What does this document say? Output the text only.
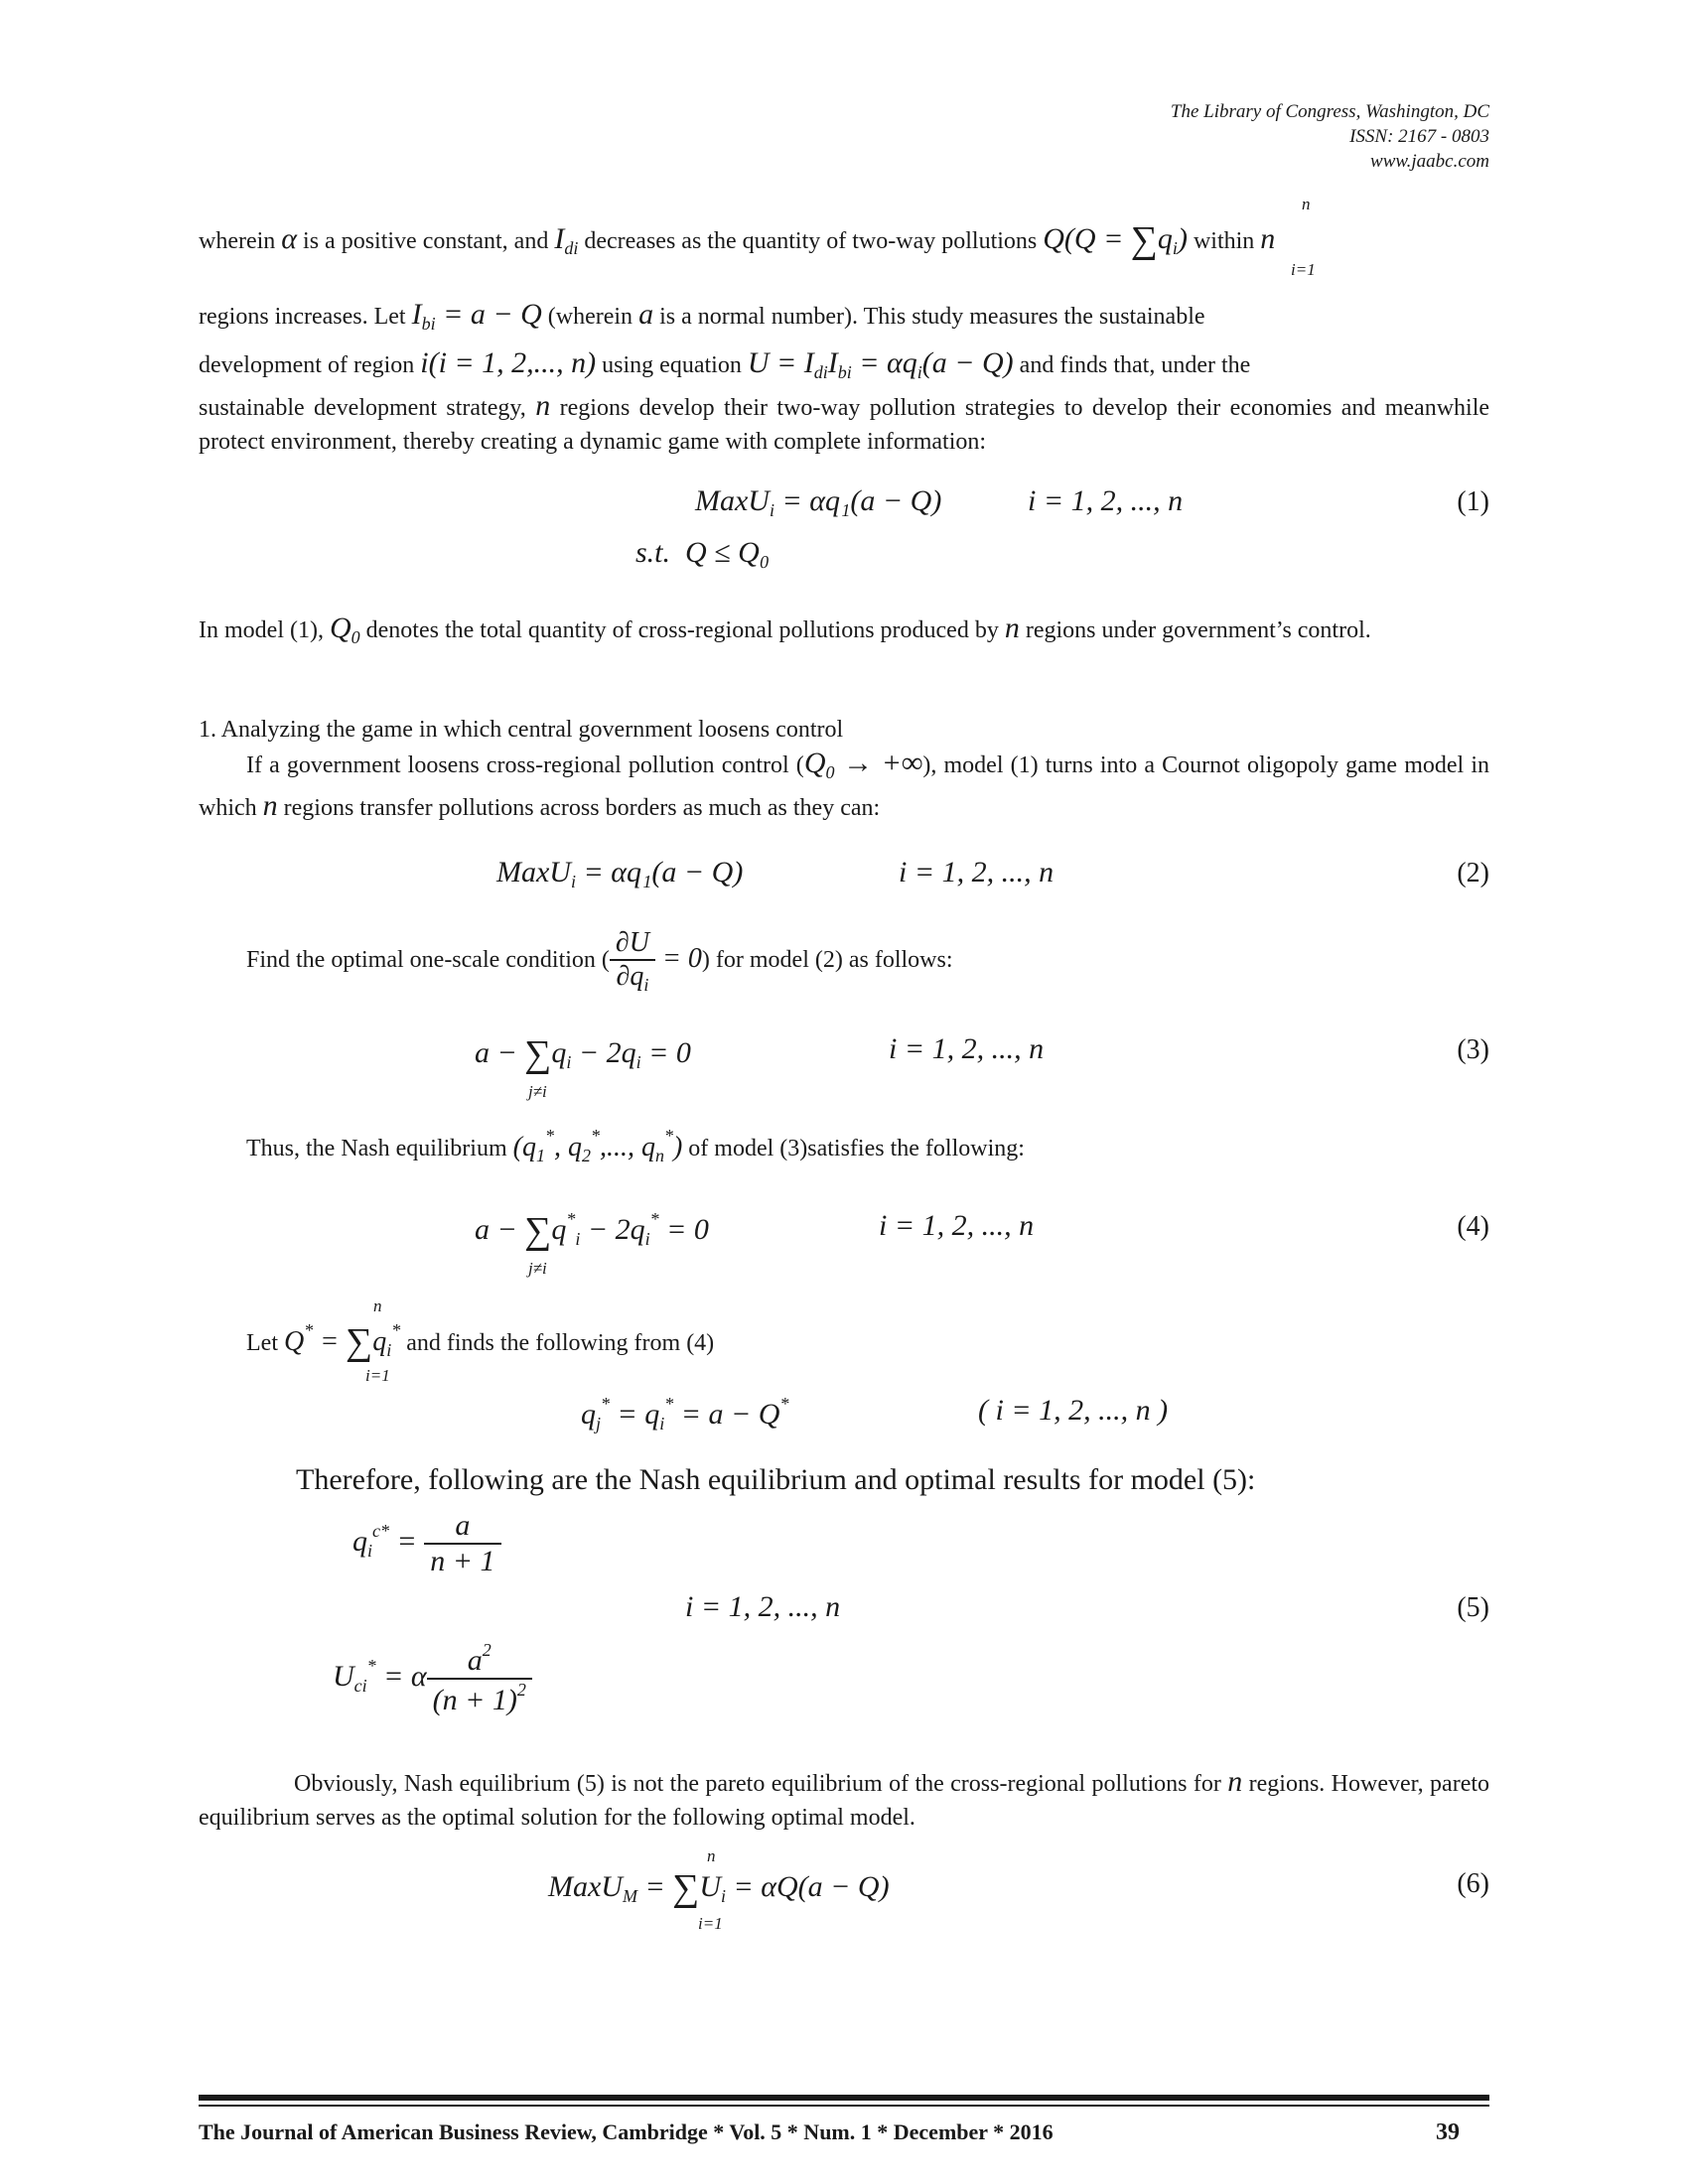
The Library of Congress, Washington, DC
ISSN: 2167 - 0803
www.jaabc.com

wherein α is a positive constant, and $I_{di}$ decreases as the quantity of two-way pollutions $Q(Q = \sum q_i)$ within n

n
i=1

regions increases. Let $I_{bi} = a - Q$ (wherein a is a normal number). This study measures the sustainable

development of region i(i = 1, 2,..., n) using equation $U = I_{di}I_{bi} = \alpha q_i(a - Q)$ and finds that, under the

sustainable development strategy, n regions develop their two-way pollution strategies to develop their economies and meanwhile protect environment, thereby creating a dynamic game with complete information:

MaxU$_i$ = αq₁(a − Q)	i = 1, 2, ..., n	(1)
s.t. Q ≤ Q₀

In model (1), $Q_0$ denotes the total quantity of cross-regional pollutions produced by n regions under government’s control.

1. Analyzing the game in which central government loosens control

If a government loosens cross-regional pollution control ($Q_0$ → +∞), model (1) turns into a Cournot oligopoly game model in which n regions transfer pollutions across borders as much as they can:

MaxU$_i$ = αq₁(a − Q)	i = 1, 2, ..., n	(2)
Find the optimal one-scale condition ( $\frac{\partial U}{\partial q_i} = 0$) for model (2) as follows:
$a - \sum q_i - 2q_i = 0$
j≠i
i = 1, 2, ..., n	(3)
Thus, the Nash equilibrium ($q_1^*$, $q_2^*$,..., $q_n^*$) of model (3)satisfies the following:
$a - \sum q^*_i - 2q_i^* = 0$
j≠i
i = 1, 2, ..., n	(4)
Let $Q^* = \sum q_i^*$ and finds the following from (4)
n
i=1
$q_j^* = q_i^* = a - Q^*$	( i = 1, 2, ..., n )
Therefore, following are the Nash equilibrium and optimal results for model (5):
$q_i^{c*} = \frac{a}{n + 1}$
i = 1, 2, ..., n	(5)
$U_{ci}^* = \alpha \frac{a^2}{(n + 1)^2}$

Obviously, Nash equilibrium (5) is not the pareto equilibrium of the cross-regional pollutions for n regions. However, pareto equilibrium serves as the optimal solution for the following optimal model.

MaxU$_M$ = $\sum U_i = \alpha Q(a - Q)$
n
i=1
(6)
The Journal of American Business Review, Cambridge * Vol. 5 * Num. 1 * December * 2016	39
